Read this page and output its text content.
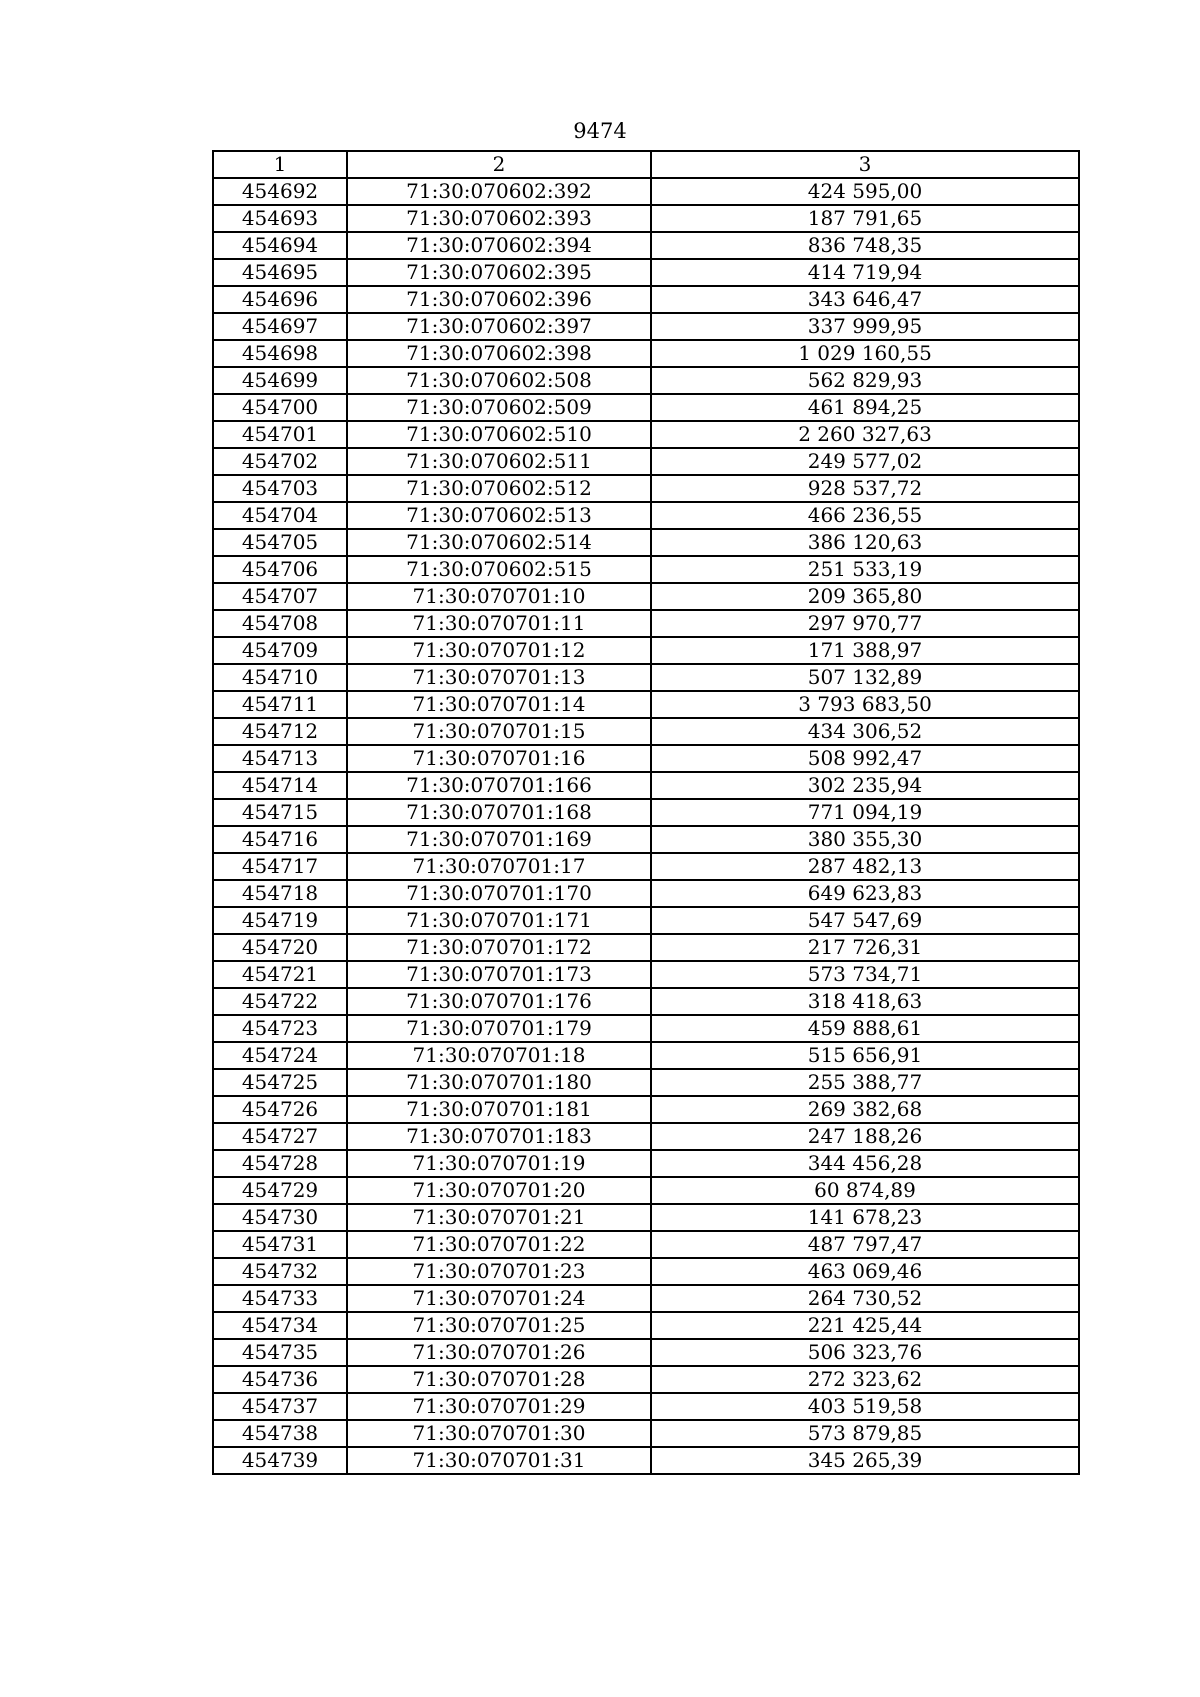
9474
1	2	3
454692	71:30:070602:392	424 595,00
454693	71:30:070602:393	187 791,65
454694	71:30:070602:394	836 748,35
454695	71:30:070602:395	414 719,94
454696	71:30:070602:396	343 646,47
454697	71:30:070602:397	337 999,95
454698	71:30:070602:398	1 029 160,55
454699	71:30:070602:508	562 829,93
454700	71:30:070602:509	461 894,25
454701	71:30:070602:510	2 260 327,63
454702	71:30:070602:511	249 577,02
454703	71:30:070602:512	928 537,72
454704	71:30:070602:513	466 236,55
454705	71:30:070602:514	386 120,63
454706	71:30:070602:515	251 533,19
454707	71:30:070701:10	209 365,80
454708	71:30:070701:11	297 970,77
454709	71:30:070701:12	171 388,97
454710	71:30:070701:13	507 132,89
454711	71:30:070701:14	3 793 683,50
454712	71:30:070701:15	434 306,52
454713	71:30:070701:16	508 992,47
454714	71:30:070701:166	302 235,94
454715	71:30:070701:168	771 094,19
454716	71:30:070701:169	380 355,30
454717	71:30:070701:17	287 482,13
454718	71:30:070701:170	649 623,83
454719	71:30:070701:171	547 547,69
454720	71:30:070701:172	217 726,31
454721	71:30:070701:173	573 734,71
454722	71:30:070701:176	318 418,63
454723	71:30:070701:179	459 888,61
454724	71:30:070701:18	515 656,91
454725	71:30:070701:180	255 388,77
454726	71:30:070701:181	269 382,68
454727	71:30:070701:183	247 188,26
454728	71:30:070701:19	344 456,28
454729	71:30:070701:20	60 874,89
454730	71:30:070701:21	141 678,23
454731	71:30:070701:22	487 797,47
454732	71:30:070701:23	463 069,46
454733	71:30:070701:24	264 730,52
454734	71:30:070701:25	221 425,44
454735	71:30:070701:26	506 323,76
454736	71:30:070701:28	272 323,62
454737	71:30:070701:29	403 519,58
454738	71:30:070701:30	573 879,85
454739	71:30:070701:31	345 265,39
